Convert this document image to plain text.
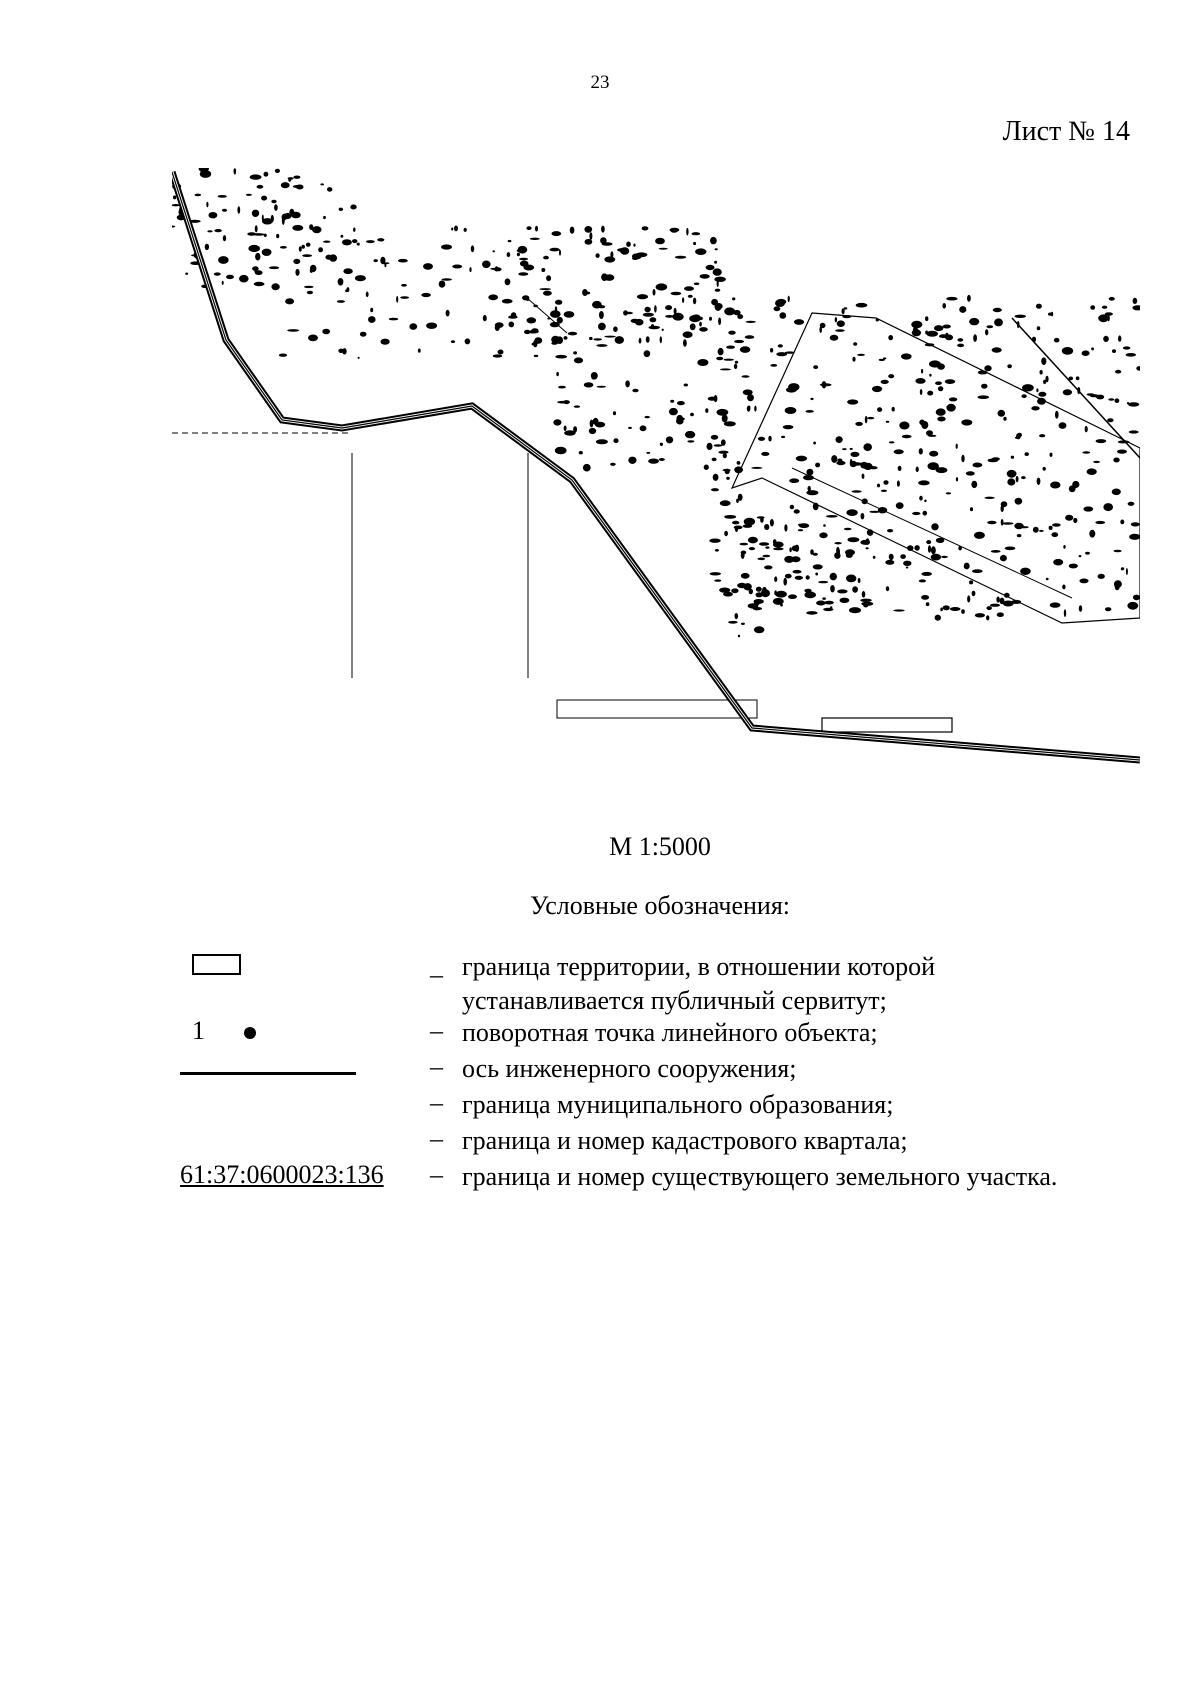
23
Лист № 14
М 1:5000
Условные обозначения:
– граница территории, в отношении которой
устанавливается публичный сервитут;
1	– поворотная точка линейного объекта;
– ось инженерного сооружения;
– граница муниципального образования;
– граница и номер кадастрового квартала;
61:37:0600023:136 – граница и номер существующего земельного участка.
